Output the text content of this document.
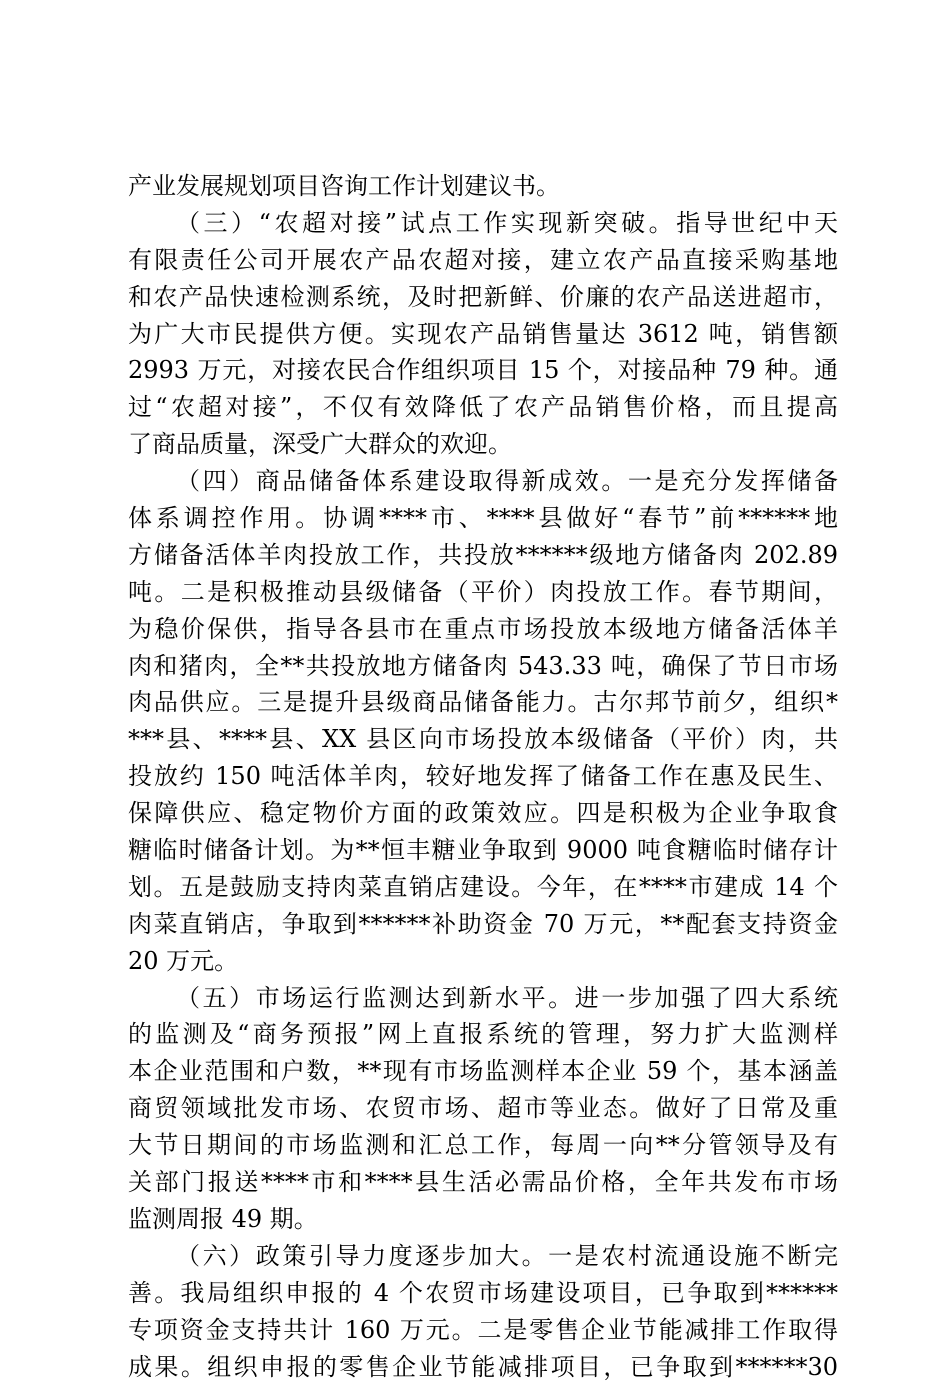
产业发展规划项目咨询工作计划建议书。
（三）“农超对接”试点工作实现新突破。指导世纪中天
有限责任公司开展农产品农超对接，建立农产品直接采购基地
和农产品快速检测系统，及时把新鲜、价廉的农产品送进超市，
为广大市民提供方便。实现农产品销售量达 3612 吨，销售额
2993 万元，对接农民合作组织项目 15 个，对接品种 79 种。通
过“农超对接”，不仅有效降低了农产品销售价格，而且提高
了商品质量，深受广大群众的欢迎。
（四）商品储备体系建设取得新成效。一是充分发挥储备
体系调控作用。协调****市、****县做好“春节”前******地
方储备活体羊肉投放工作，共投放******级地方储备肉 202.89
吨。二是积极推动县级储备（平价）肉投放工作。春节期间，
为稳价保供，指导各县市在重点市场投放本级地方储备活体羊
肉和猪肉，全**共投放地方储备肉 543.33 吨，确保了节日市场
肉品供应。三是提升县级商品储备能力。古尔邦节前夕，组织*
***县、****县、XX 县区向市场投放本级储备（平价）肉，共
投放约 150 吨活体羊肉，较好地发挥了储备工作在惠及民生、
保障供应、稳定物价方面的政策效应。四是积极为企业争取食
糖临时储备计划。为**恒丰糖业争取到 9000 吨食糖临时储存计
划。五是鼓励支持肉菜直销店建设。今年，在****市建成 14 个
肉菜直销店，争取到******补助资金 70 万元，**配套支持资金
20 万元。
（五）市场运行监测达到新水平。进一步加强了四大系统
的监测及“商务预报”网上直报系统的管理，努力扩大监测样
本企业范围和户数，**现有市场监测样本企业 59 个，基本涵盖
商贸领域批发市场、农贸市场、超市等业态。做好了日常及重
大节日期间的市场监测和汇总工作，每周一向**分管领导及有
关部门报送****市和****县生活必需品价格，全年共发布市场
监测周报 49 期。
（六）政策引导力度逐步加大。一是农村流通设施不断完
善。我局组织申报的 4 个农贸市场建设项目，已争取到******
专项资金支持共计 160 万元。二是零售企业节能减排工作取得
成果。组织申报的零售企业节能减排项目，已争取到******30
